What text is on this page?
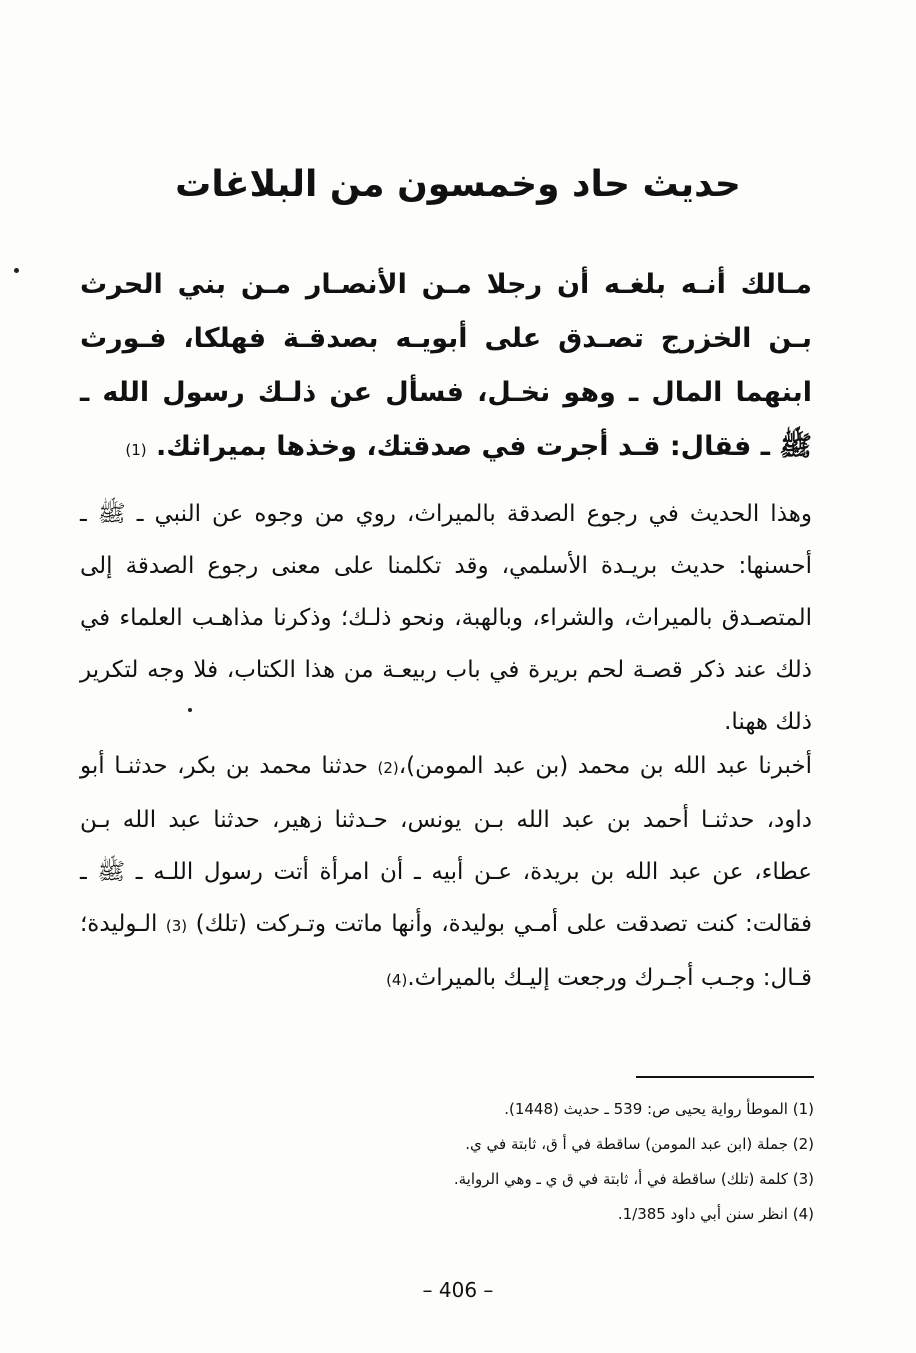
حديث حاد وخمسون من البلاغات

مـالك أنـه بلغـه أن رجلا مـن الأنصـار مـن بني الحرث بـن الخزرج تصـدق على أبويـه بصدقـة فهلكا، فـورث ابنهما المال ـ وهو نخـل، فسأل عن ذلـك رسول الله ـ ﷺ ـ فقال: قـد أجرت في صدقتك، وخذها بميراثك. (1)

وهذا الحديث في رجوع الصدقة بالميراث، روي من وجوه عن النبي ـ ﷺ ـ أحسنها: حديث بريـدة الأسلمي، وقد تكلمنا على معنى رجوع الصدقة إلى المتصـدق بالميراث، والشراء، وبالهبة، ونحو ذلـك؛ وذكرنا مذاهـب العلماء في ذلك عند ذكر قصـة لحم بريرة في باب ربيعـة من هذا الكتاب، فلا وجه لتكرير ذلك ههنا.

أخبرنا عبد الله بن محمد (بن عبد المومن)،(2) حدثنا محمد بن بكر، حدثنـا أبو داود، حدثنـا أحمد بن عبد الله بـن يونس، حـدثنا زهير، حدثنا عبد الله بـن عطاء، عن عبد الله بن بريدة، عـن أبيه ـ أن امرأة أتت رسول اللـه ـ ﷺ ـ فقالت: كنت تصدقت على أمـي بوليدة، وأنها ماتت وتـركت (تلك) (3) الـوليدة؛ قـال: وجـب أجـرك ورجعت إليـك بالميراث.(4)

(1) الموطأ رواية يحيى ص: 539 ـ حديث (1448).
(2) جملة (ابن عبد المومن) ساقطة في أ ق، ثابتة في ي.
(3) كلمة (تلك) ساقطة في أ، ثابتة في ق ي ـ وهي الرواية.
(4) انظر سنن أبي داود 1/385.
– 406 –
